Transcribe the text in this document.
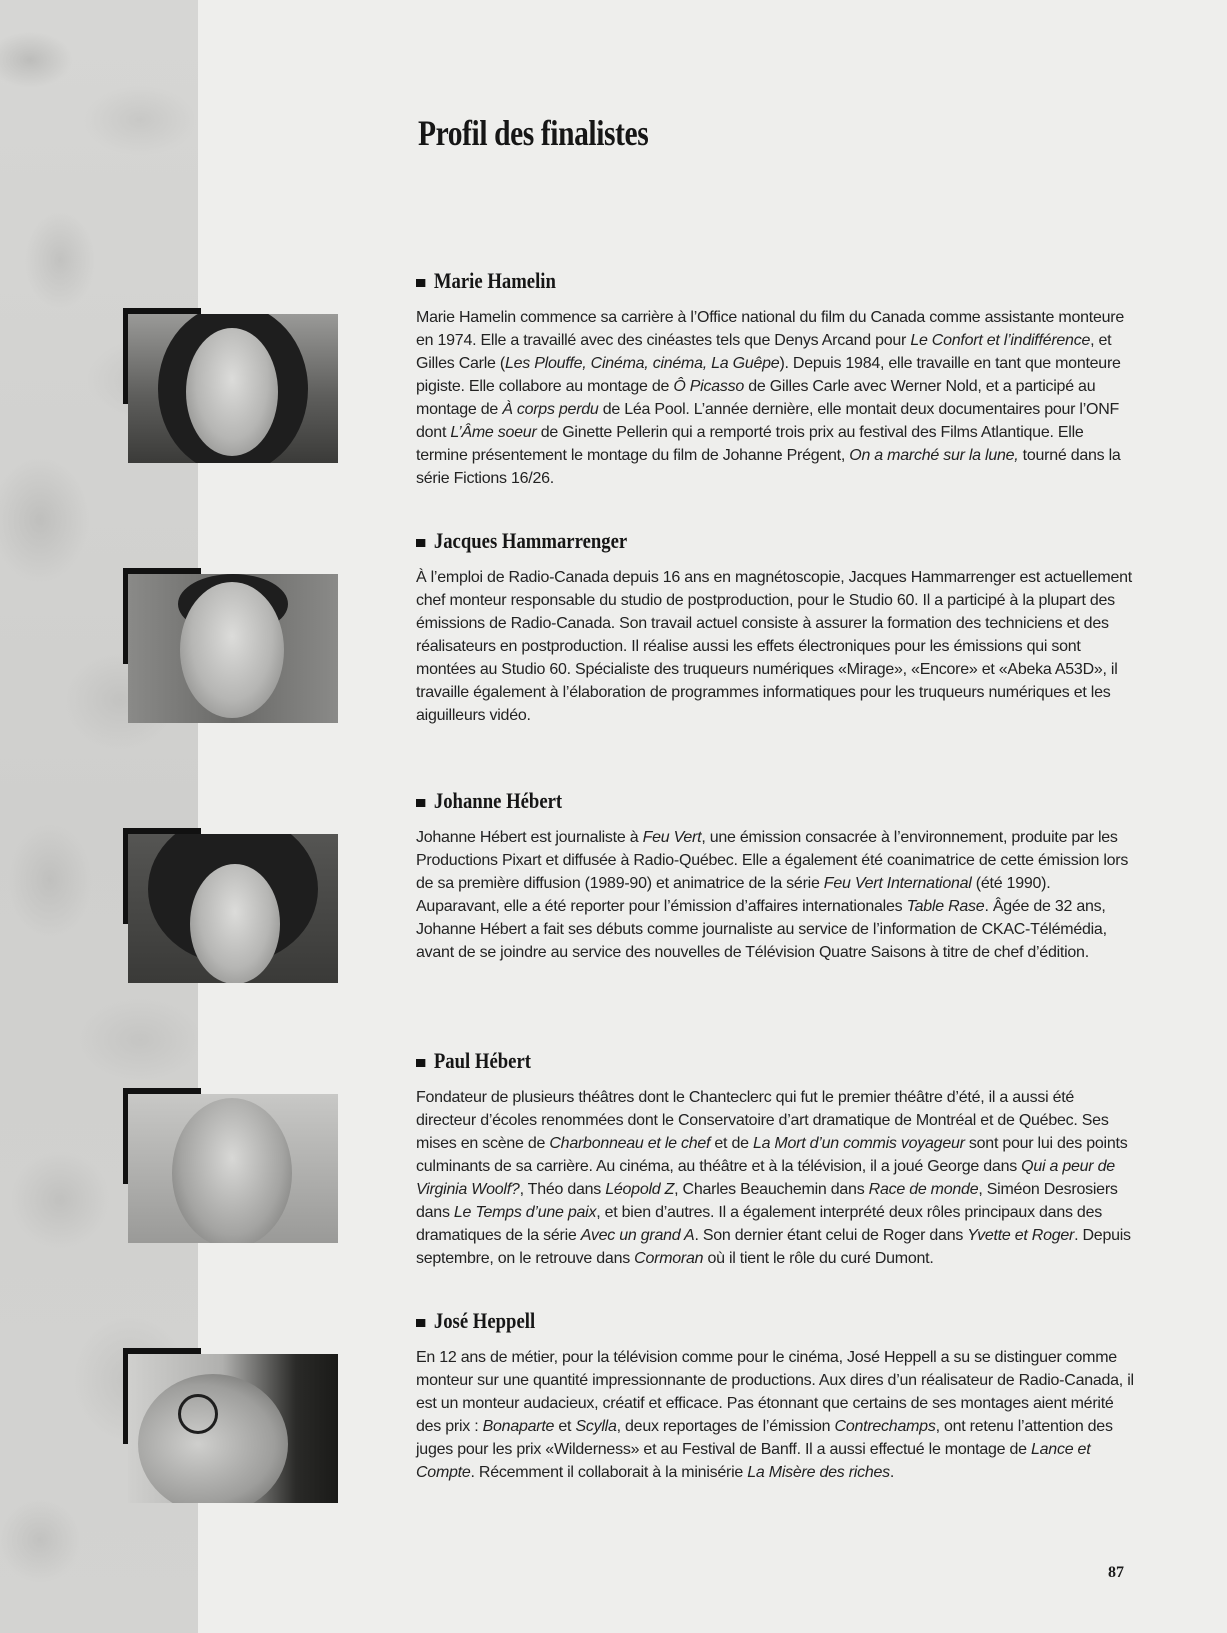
Profil des finalistes
Marie Hamelin

Marie Hamelin commence sa carrière à l’Office national du film du Canada comme assistante monteure en 1974. Elle a travaillé avec des cinéastes tels que Denys Arcand pour Le Confort et l’indifférence, et Gilles Carle (Les Plouffe, Cinéma, cinéma, La Guêpe). Depuis 1984, elle travaille en tant que monteure pigiste. Elle collabore au montage de Ô Picasso de Gilles Carle avec Werner Nold, et a participé au montage de À corps perdu de Léa Pool. L’année dernière, elle montait deux documentaires pour l’ONF dont L’Âme soeur de Ginette Pellerin qui a remporté trois prix au festival des Films Atlantique. Elle termine présentement le montage du film de Johanne Prégent, On a marché sur la lune, tourné dans la série Fictions 16/26.

Jacques Hammarrenger

À l’emploi de Radio-Canada depuis 16 ans en magnétoscopie, Jacques Hammarrenger est actuellement chef monteur responsable du studio de postproduction, pour le Studio 60. Il a participé à la plupart des émissions de Radio-Canada. Son travail actuel consiste à assurer la formation des techniciens et des réalisateurs en postproduction. Il réalise aussi les effets électroniques pour les émissions qui sont montées au Studio 60. Spécialiste des truqueurs numériques «Mirage», «Encore» et «Abeka A53D», il travaille également à l’élaboration de programmes informatiques pour les truqueurs numériques et les aiguilleurs vidéo.

Johanne Hébert

Johanne Hébert est journaliste à Feu Vert, une émission consacrée à l’environnement, produite par les Productions Pixart et diffusée à Radio-Québec. Elle a également été coanimatrice de cette émission lors de sa première diffusion (1989-90) et animatrice de la série Feu Vert International (été 1990). Auparavant, elle a été reporter pour l’émission d’affaires internationales Table Rase. Âgée de 32 ans, Johanne Hébert a fait ses débuts comme journaliste au service de l’information de CKAC-Télémédia, avant de se joindre au service des nouvelles de Télévision Quatre Saisons à titre de chef d’édition.

Paul Hébert

Fondateur de plusieurs théâtres dont le Chanteclerc qui fut le premier théâtre d’été, il a aussi été directeur d’écoles renommées dont le Conservatoire d’art dramatique de Montréal et de Québec. Ses mises en scène de Charbonneau et le chef et de La Mort d’un commis voyageur sont pour lui des points culminants de sa carrière. Au cinéma, au théâtre et à la télévision, il a joué George dans Qui a peur de Virginia Woolf?, Théo dans Léopold Z, Charles Beauchemin dans Race de monde, Siméon Desrosiers dans Le Temps d’une paix, et bien d’autres. Il a également interprété deux rôles principaux dans des dramatiques de la série Avec un grand A. Son dernier étant celui de Roger dans Yvette et Roger. Depuis septembre, on le retrouve dans Cormoran où il tient le rôle du curé Dumont.

José Heppell

En 12 ans de métier, pour la télévision comme pour le cinéma, José Heppell a su se distinguer comme monteur sur une quantité impressionnante de productions. Aux dires d’un réalisateur de Radio-Canada, il est un monteur audacieux, créatif et efficace. Pas étonnant que certains de ses montages aient mérité des prix : Bonaparte et Scylla, deux reportages de l’émission Contrechamps, ont retenu l’attention des juges pour les prix «Wilderness» et au Festival de Banff. Il a aussi effectué le montage de Lance et Compte. Récemment il collaborait à la minisérie La Misère des riches.

87
